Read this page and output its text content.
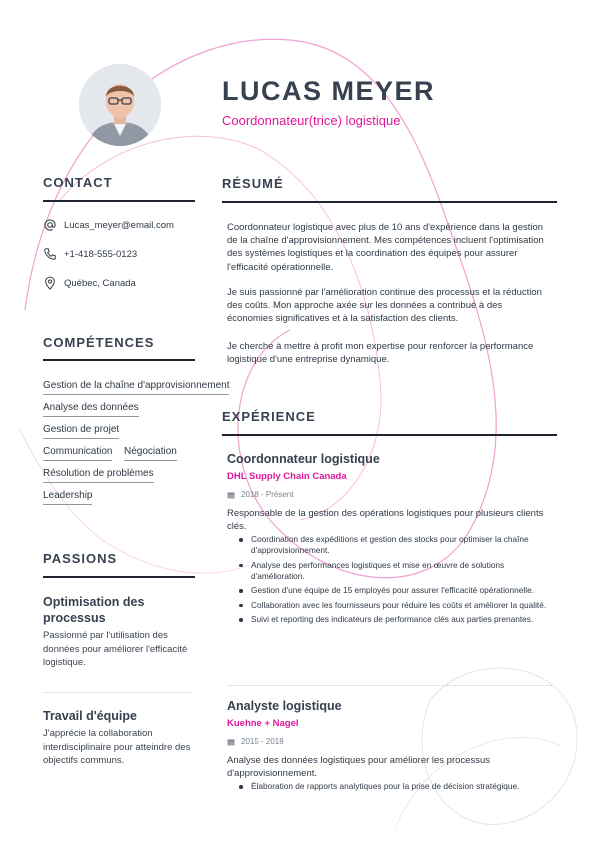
LUCAS MEYER
Coordonnateur(trice) logistique
CONTACT
Lucas_meyer@email.com
+1-418-555-0123
Québec, Canada
COMPÉTENCES
Gestion de la chaîne d'approvisionnement
Analyse des données
Gestion de projet
Communication Négociation
Résolution de problèmes
Leadership
PASSIONS
Optimisation des processus
Passionné par l'utilisation des données pour améliorer l'efficacité logistique.
Travail d'équipe
J'apprécie la collaboration interdisciplinaire pour atteindre des objectifs communs.
RÉSUMÉ
Coordonnateur logistique avec plus de 10 ans d'expérience dans la gestion de la chaîne d'approvisionnement. Mes compétences incluent l'optimisation des systèmes logistiques et la coordination des équipes pour assurer l'efficacité opérationnelle.
Je suis passionné par l'amélioration continue des processus et la réduction des coûts. Mon approche axée sur les données a contribué à des économies significatives et à la satisfaction des clients.
Je cherche à mettre à profit mon expertise pour renforcer la performance logistique d'une entreprise dynamique.
EXPÉRIENCE
Coordonnateur logistique
DHL Supply Chain Canada
2018 - Présent
Responsable de la gestion des opérations logistiques pour plusieurs clients clés.
Coordination des expéditions et gestion des stocks pour optimiser la chaîne d'approvisionnement.
Analyse des performances logistiques et mise en œuvre de solutions d'amélioration.
Gestion d'une équipe de 15 employés pour assurer l'efficacité opérationnelle.
Collaboration avec les fournisseurs pour réduire les coûts et améliorer la qualité.
Suivi et reporting des indicateurs de performance clés aux parties prenantes.
Analyste logistique
Kuehne + Nagel
2015 - 2018
Analyse des données logistiques pour améliorer les processus d'approvisionnement.
Élaboration de rapports analytiques pour la prise de décision stratégique.
